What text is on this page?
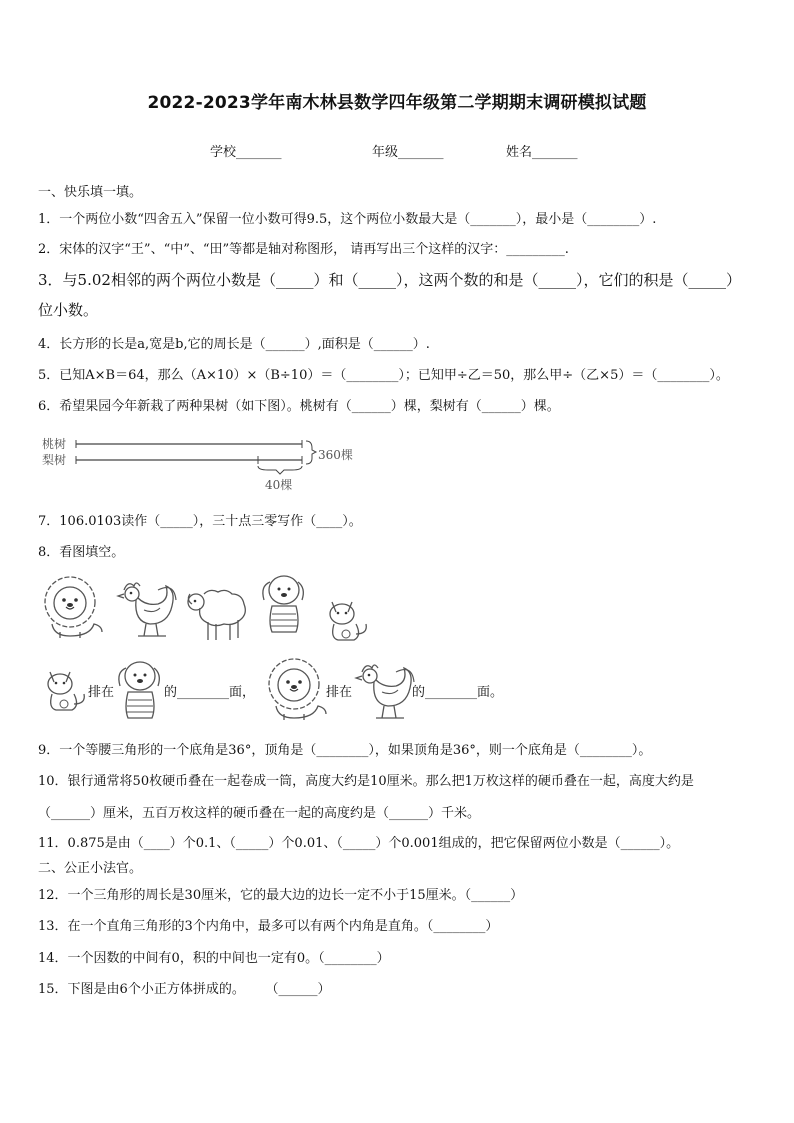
2022-2023学年南木林县数学四年级第二学期期末调研模拟试题
学校_______	年级_______	姓名_______
一、快乐填一填。
1．一个两位小数“四舍五入”保留一位小数可得9.5，这个两位小数最大是（_______），最小是（________）.
2．宋体的汉字“王”、“中”、“田”等都是轴对称图形， 请再写出三个这样的汉字：_________.
3．与5.02相邻的两个两位小数是（_____）和（_____），这两个数的和是（_____），它们的积是（_____）
位小数。
4．长方形的长是a,宽是b,它的周长是（______）,面积是（______）.
5．已知A×B＝64，那么（A×10）×（B÷10）＝（________）；已知甲÷乙＝50，那么甲÷（乙×5）＝（________）。
6．希望果园今年新栽了两种果树（如下图）。桃树有（______）棵，梨树有（______）棵。
桃树
梨树	360棵
40棵
7．106.0103读作（_____），三十点三零写作（____）。
8．看图填空。
排在	的________面，	排在	的________面。
9．一个等腰三角形的一个底角是36°，顶角是（________），如果顶角是36°，则一个底角是（________）。
10．银行通常将50枚硬币叠在一起卷成一筒，高度大约是10厘米。那么把1万枚这样的硬币叠在一起，高度大约是
（______）厘米，五百万枚这样的硬币叠在一起的高度约是（______）千米。
11．0.875是由（____）个0.1、（_____）个0.01、（_____）个0.001组成的，把它保留两位小数是（______）。
二、公正小法官。
12．一个三角形的周长是30厘米，它的最大边的边长一定不小于15厘米。（______）
13．在一个直角三角形的3个内角中，最多可以有两个内角是直角。（________）
14．一个因数的中间有0，积的中间也一定有0。（________）
15．下图是由6个小正方体拼成的。     （______）
